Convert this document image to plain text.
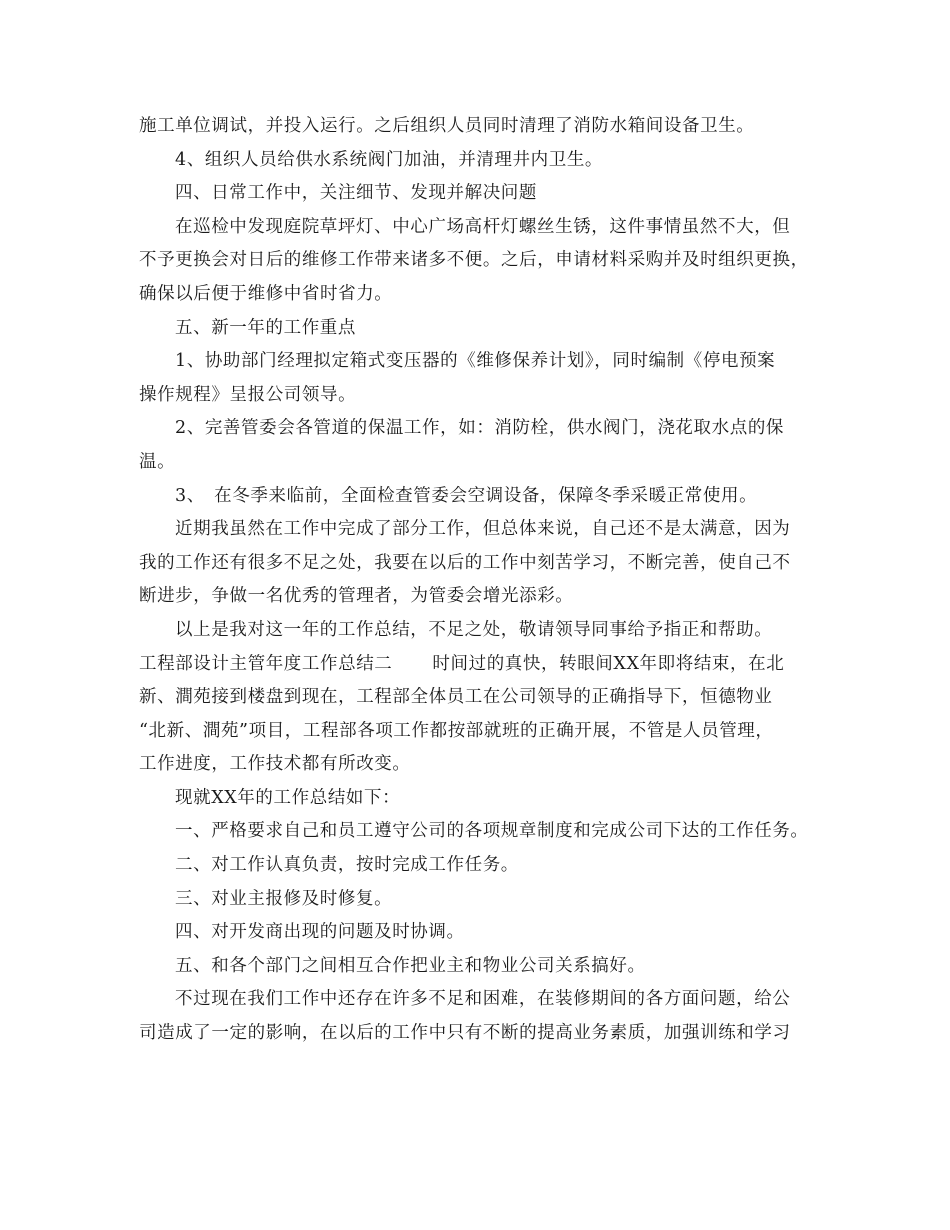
施工单位调试，并投入运行。之后组织人员同时清理了消防水箱间设备卫生。
4、组织人员给供水系统阀门加油，并清理井内卫生。
四、日常工作中，关注细节、发现并解决问题
在巡检中发现庭院草坪灯、中心广场高杆灯螺丝生锈，这件事情虽然不大，但
不予更换会对日后的维修工作带来诸多不便。之后，申请材料采购并及时组织更换，
确保以后便于维修中省时省力。
五、新一年的工作重点
1、协助部门经理拟定箱式变压器的《维修保养计划》，同时编制《停电预案
操作规程》呈报公司领导。
2、完善管委会各管道的保温工作，如：消防栓，供水阀门，浇花取水点的保
温。
3、　在冬季来临前，全面检查管委会空调设备，保障冬季采暖正常使用。
近期我虽然在工作中完成了部分工作，但总体来说，自己还不是太满意，因为
我的工作还有很多不足之处，我要在以后的工作中刻苦学习，不断完善，使自己不
断进步，争做一名优秀的管理者，为管委会增光添彩。
以上是我对这一年的工作总结，不足之处，敬请领导同事给予指正和帮助。
工程部设计主管年度工作总结二 时间过的真快，转眼间XX年即将结束，在北
新、澗苑接到楼盘到现在，工程部全体员工在公司领导的正确指导下，恒德物业
“北新、澗苑”项目，工程部各项工作都按部就班的正确开展，不管是人员管理，
工作进度，工作技术都有所改变。
现就XX年的工作总结如下：
一、严格要求自己和员工遵守公司的各项规章制度和完成公司下达的工作任务。
二、对工作认真负责，按时完成工作任务。
三、对业主报修及时修复。
四、对开发商出现的问题及时协调。
五、和各个部门之间相互合作把业主和物业公司关系搞好。
不过现在我们工作中还存在许多不足和困难，在装修期间的各方面问题，给公
司造成了一定的影响，在以后的工作中只有不断的提高业务素质，加强训练和学习
